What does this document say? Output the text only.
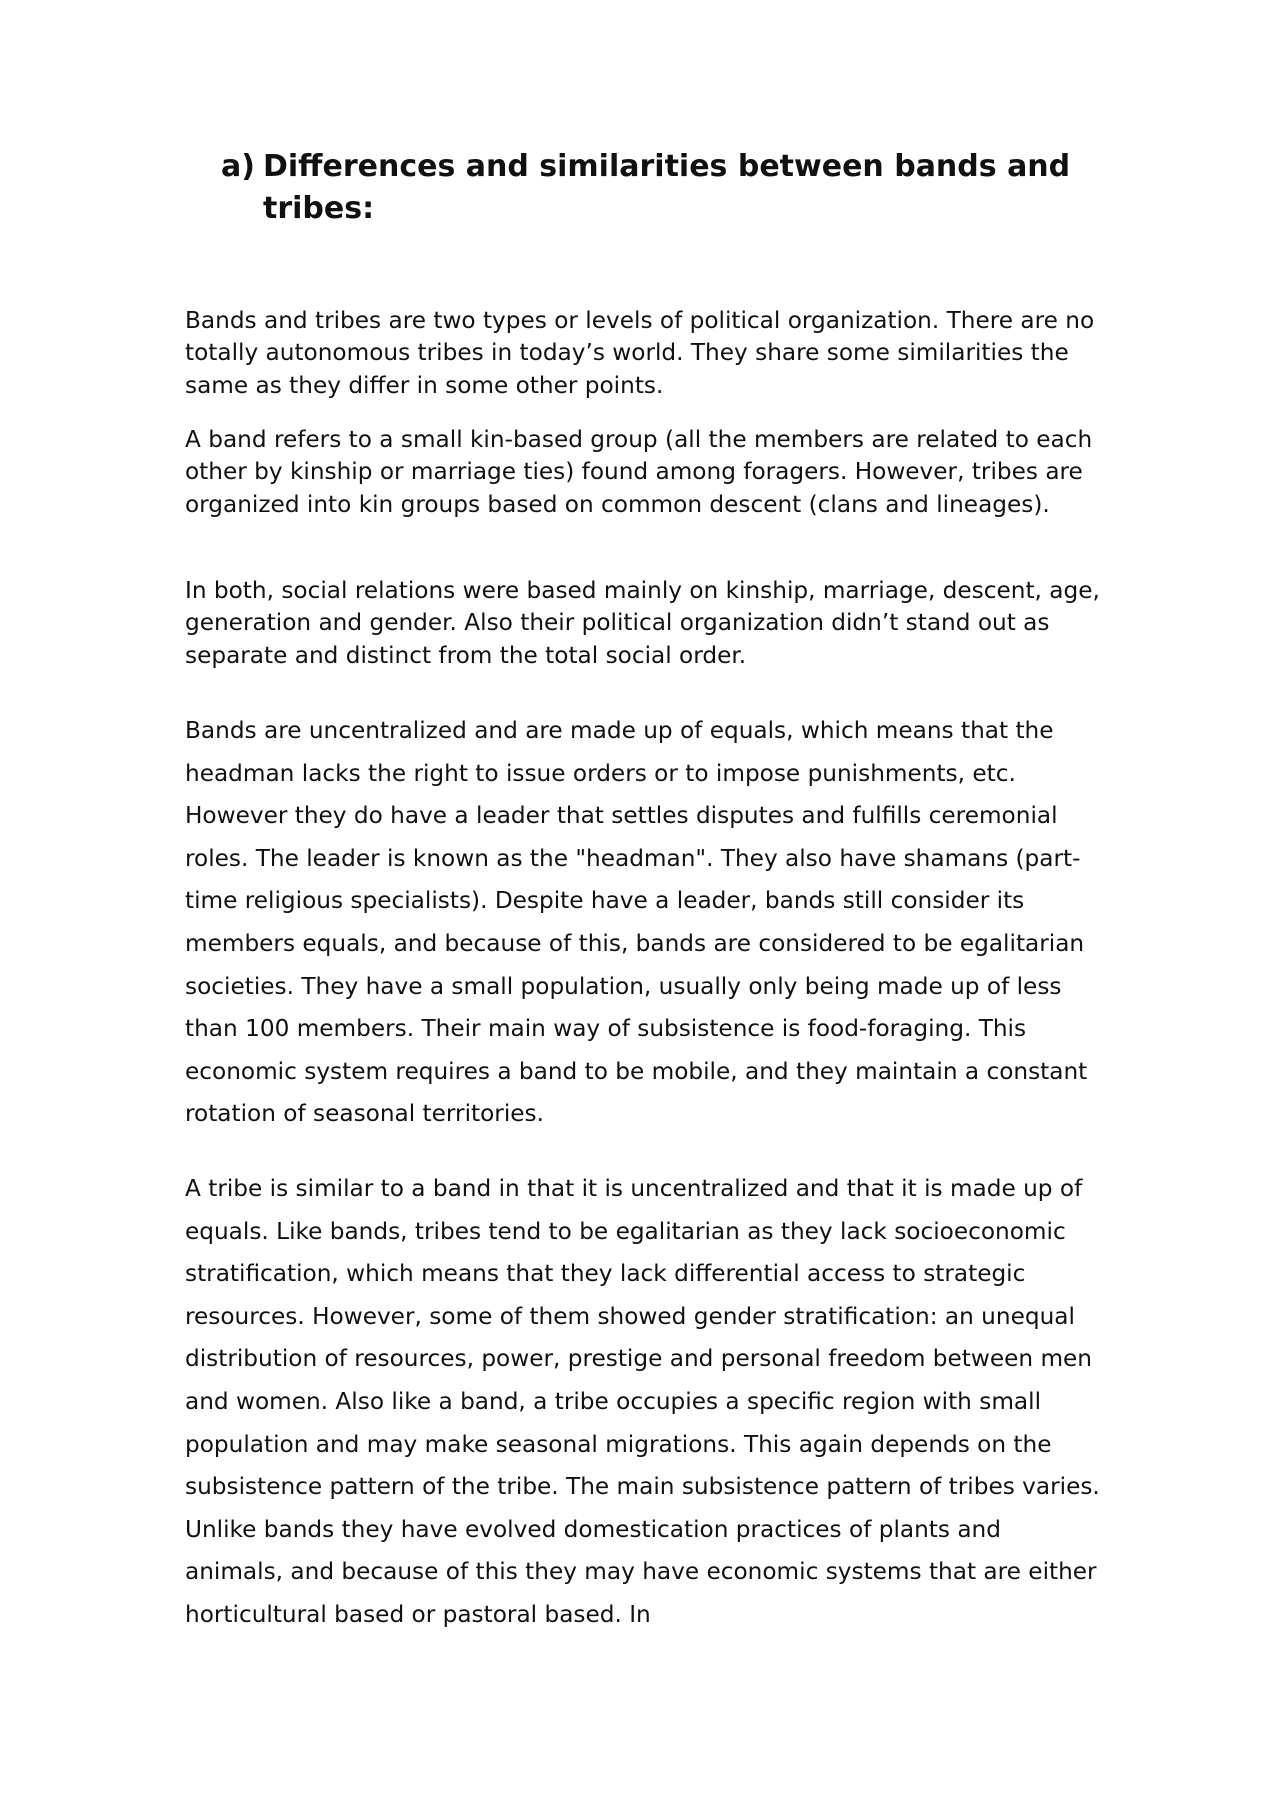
a) Differences and similarities between bands and tribes:

Bands and tribes are two types or levels of political organization. There are no totally autonomous tribes in today’s world. They share some similarities the same as they differ in some other points.

A band refers to a small kin-based group (all the members are related to each other by kinship or marriage ties) found among foragers. However, tribes are organized into kin groups based on common descent (clans and lineages).

In both, social relations were based mainly on kinship, marriage, descent, age, generation and gender. Also their political organization didn’t stand out as separate and distinct from the total social order.

Bands are uncentralized and are made up of equals, which means that the headman lacks the right to issue orders or to impose punishments, etc. However they do have a leader that settles disputes and fulfills ceremonial roles. The leader is known as the "headman". They also have shamans (part-time religious specialists). Despite have a leader, bands still consider its members equals, and because of this, bands are considered to be egalitarian societies. They have a small population, usually only being made up of less than 100 members. Their main way of subsistence is food-foraging. This economic system requires a band to be mobile, and they maintain a constant rotation of seasonal territories.

A tribe is similar to a band in that it is uncentralized and that it is made up of equals. Like bands, tribes tend to be egalitarian as they lack socioeconomic stratification, which means that they lack differential access to strategic resources. However, some of them showed gender stratification: an unequal distribution of resources, power, prestige and personal freedom between men and women. Also like a band, a tribe occupies a specific region with small population and may make seasonal migrations. This again depends on the subsistence pattern of the tribe. The main subsistence pattern of tribes varies. Unlike bands they have evolved domestication practices of plants and animals, and because of this they may have economic systems that are either horticultural based or pastoral based. In
